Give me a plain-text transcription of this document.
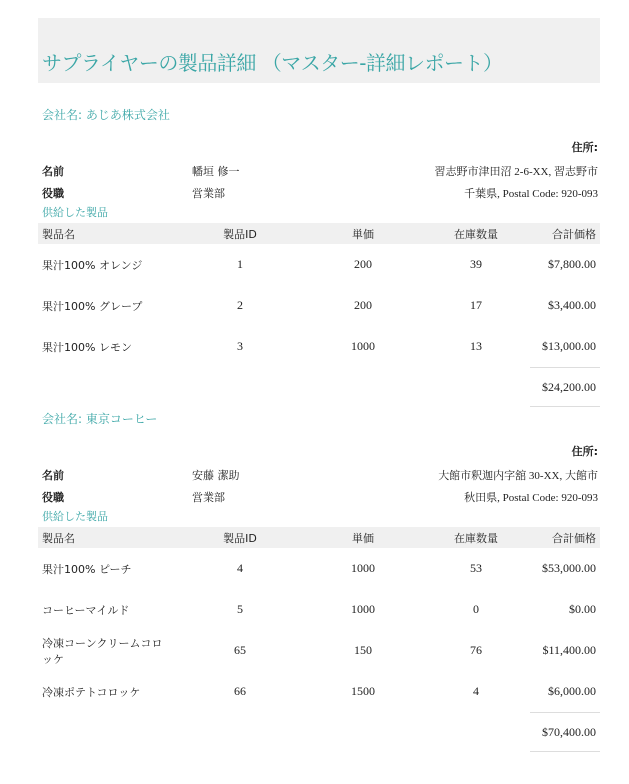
サプライヤーの製品詳細 （マスター-詳細レポート）
会社名: あじあ株式会社
住所:
名前	幡垣 修一	習志野市津田沼 2-6-XX, 習志野市
役職	営業部	千葉県, Postal Code: 920-093
供給した製品
製品名	製品ID	単価	在庫数量	合計価格
果汁100% オレンジ	1	200	39	$7,800.00
果汁100% グレープ	2	200	17	$3,400.00
果汁100% レモン	3	1000	13	$13,000.00
				$24,200.00
会社名: 東京コーヒー
住所:
名前	安藤 潔助	大館市釈迦内字舘 30-XX, 大館市
役職	営業部	秋田県, Postal Code: 920-093
供給した製品
製品名	製品ID	単価	在庫数量	合計価格
果汁100% ピーチ	4	1000	53	$53,000.00
コーヒーマイルド	5	1000	0	$0.00
冷凍コーンクリームコロッケ	65	150	76	$11,400.00
冷凍ポテトコロッケ	66	1500	4	$6,000.00
				$70,400.00
